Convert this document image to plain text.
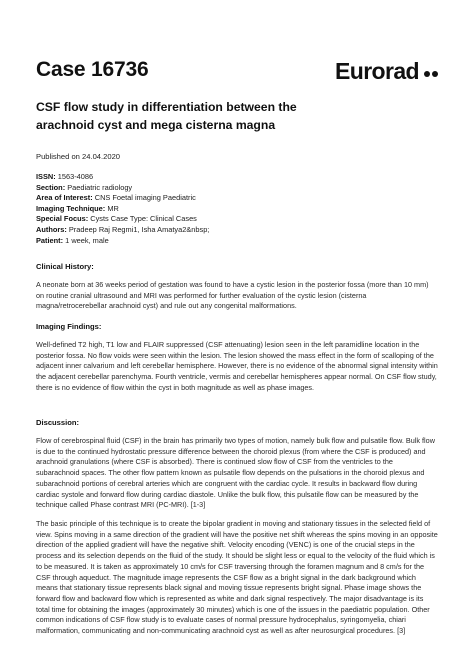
Case 16736	Eurorad
CSF flow study in differentiation between the arachnoid cyst and mega cisterna magna
Published on 24.04.2020
ISSN: 1563-4086
Section: Paediatric radiology
Area of Interest: CNS Foetal imaging Paediatric
Imaging Technique: MR
Special Focus: Cysts Case Type: Clinical Cases
Authors: Pradeep Raj Regmi1, Isha Amatya2&nbsp;
Patient: 1 week, male
Clinical History:
A neonate born at 36 weeks period of gestation was found to have a cystic lesion in the posterior fossa (more than 10 mm) on routine cranial ultrasound and MRI was performed for further evaluation of the cystic lesion (cisterna magna/retrocerebellar arachnoid cyst) and rule out any congenital malformations.
Imaging Findings:
Well-defined T2 high, T1 low and FLAIR suppressed (CSF attenuating) lesion seen in the left paramidline location in the posterior fossa. No flow voids were seen within the lesion. The lesion showed the mass effect in the form of scalloping of the adjacent inner calvarium and left cerebellar hemisphere. However, there is no evidence of the abnormal signal intensity within the adjacent cerebellar parenchyma. Fourth ventricle, vermis and cerebellar hemispheres appear normal. On CSF flow study, there is no evidence of flow within the cyst in both magnitude as well as phase images.
Discussion:
Flow of cerebrospinal fluid (CSF) in the brain has primarily two types of motion, namely bulk flow and pulsatile flow. Bulk flow is due to the continued hydrostatic pressure difference between the choroid plexus (from where the CSF is produced) and arachnoid granulations (where CSF is absorbed). There is continued slow flow of CSF from the ventricles to the subarachnoid spaces. The other flow pattern known as pulsatile flow depends on the pulsations in the choroid plexus and subarachnoid portions of cerebral arteries which are congruent with the cardiac cycle. It results in backward flow during cardiac systole and forward flow during cardiac diastole. Unlike the bulk flow, this pulsatile flow can be measured by the technique called Phase contrast MRI (PC-MRI). [1-3]
The basic principle of this technique is to create the bipolar gradient in moving and stationary tissues in the selected field of view. Spins moving in a same direction of the gradient will have the positive net shift whereas the spins moving in an opposite direction of the applied gradient will have the negative shift. Velocity encoding (VENC) is one of the crucial steps in the process and its selection depends on the fluid of the study. It should be slight less or equal to the velocity of the fluid which is to be measured. It is taken as approximately 10 cm/s for CSF traversing through the foramen magnum and 8 cm/s for the CSF through aqueduct. The magnitude image represents the CSF flow as a bright signal in the dark background which means that stationary tissue represents black signal and moving tissue represents bright signal. Phase image shows the forward flow and backward flow which is represented as white and dark signal respectively. The major disadvantage is its total time for obtaining the images (approximately 30 minutes) which is one of the issues in the paediatric population. Other common indications of CSF flow study is to evaluate cases of normal pressure hydrocephalus, syringomyelia, chiari malformation, communicating and non-communicating arachnoid cyst as well as after neurosurgical procedures. [3]
